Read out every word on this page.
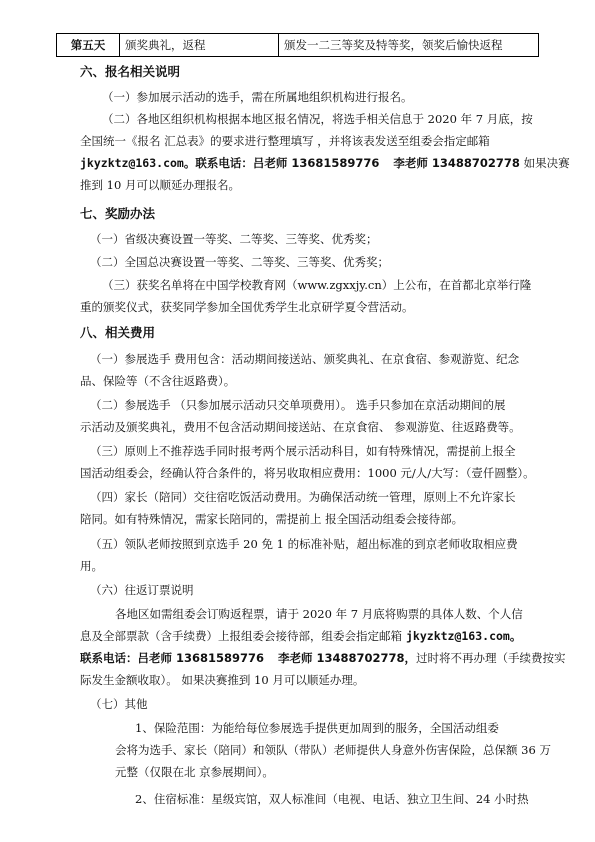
第五天	颁奖典礼，返程	颁发一二三等奖及特等奖，领奖后愉快返程
六、报名相关说明
（一）参加展示活动的选手，需在所属地组织机构进行报名。
（二）各地区组织机构根据本地区报名情况，将选手相关信息于 2020 年 7 月底，按
全国统一《报名 汇总表》的要求进行整理填写 ，并将该表发送至组委会指定邮箱
jkyzktz@163.com。联系电话：吕老师 13681589776 李老师 13488702778 如果决赛
推到 10 月可以顺延办理报名。
七、奖励办法
（一）省级决赛设置一等奖、二等奖、三等奖、优秀奖；
（二）全国总决赛设置一等奖、二等奖、三等奖、优秀奖；
（三）获奖名单将在中国学校教育网（www.zgxxjy.cn）上公布，在首都北京举行隆
重的颁奖仪式，获奖同学参加全国优秀学生北京研学夏令营活动。
八、相关费用
（一）参展选手 费用包含：活动期间接送站、颁奖典礼、在京食宿、参观游览、纪念
品、保险等（不含往返路费）。
（二）参展选手 （只参加展示活动只交单项费用）。 选手只参加在京活动期间的展
示活动及颁奖典礼，费用不包含活动期间接送站、在京食宿、 参观游览、往返路费等。
（三）原则上不推荐选手同时报考两个展示活动科目，如有特殊情况，需提前上报全
国活动组委会，经确认符合条件的，将另收取相应费用：1000 元/人/大写：（壹仟圆整）。
（四）家长（陪同）交往宿吃饭活动费用。为确保活动统一管理，原则上不允许家长
陪同。如有特殊情况，需家长陪同的，需提前上 报全国活动组委会接待部。
（五）领队老师按照到京选手 20 免 1 的标准补贴，超出标准的到京老师收取相应费
用。
（六）往返订票说明
各地区如需组委会订购返程票，请于 2020 年 7 月底将购票的具体人数、个人信
息及全部票款（含手续费）上报组委会接待部，组委会指定邮箱 jkyzktz@163.com。
联系电话：吕老师 13681589776 李老师 13488702778，过时将不再办理（手续费按实
际发生金额收取）。 如果决赛推到 10 月可以顺延办理。
（七）其他
1、保险范围：为能给每位参展选手提供更加周到的服务，全国活动组委
会将为选手、家长（陪同）和领队（带队）老师提供人身意外伤害保险，总保额 36 万
元整（仅限在北 京参展期间）。
2、住宿标准：星级宾馆，双人标准间（电视、电话、独立卫生间、24 小时热
